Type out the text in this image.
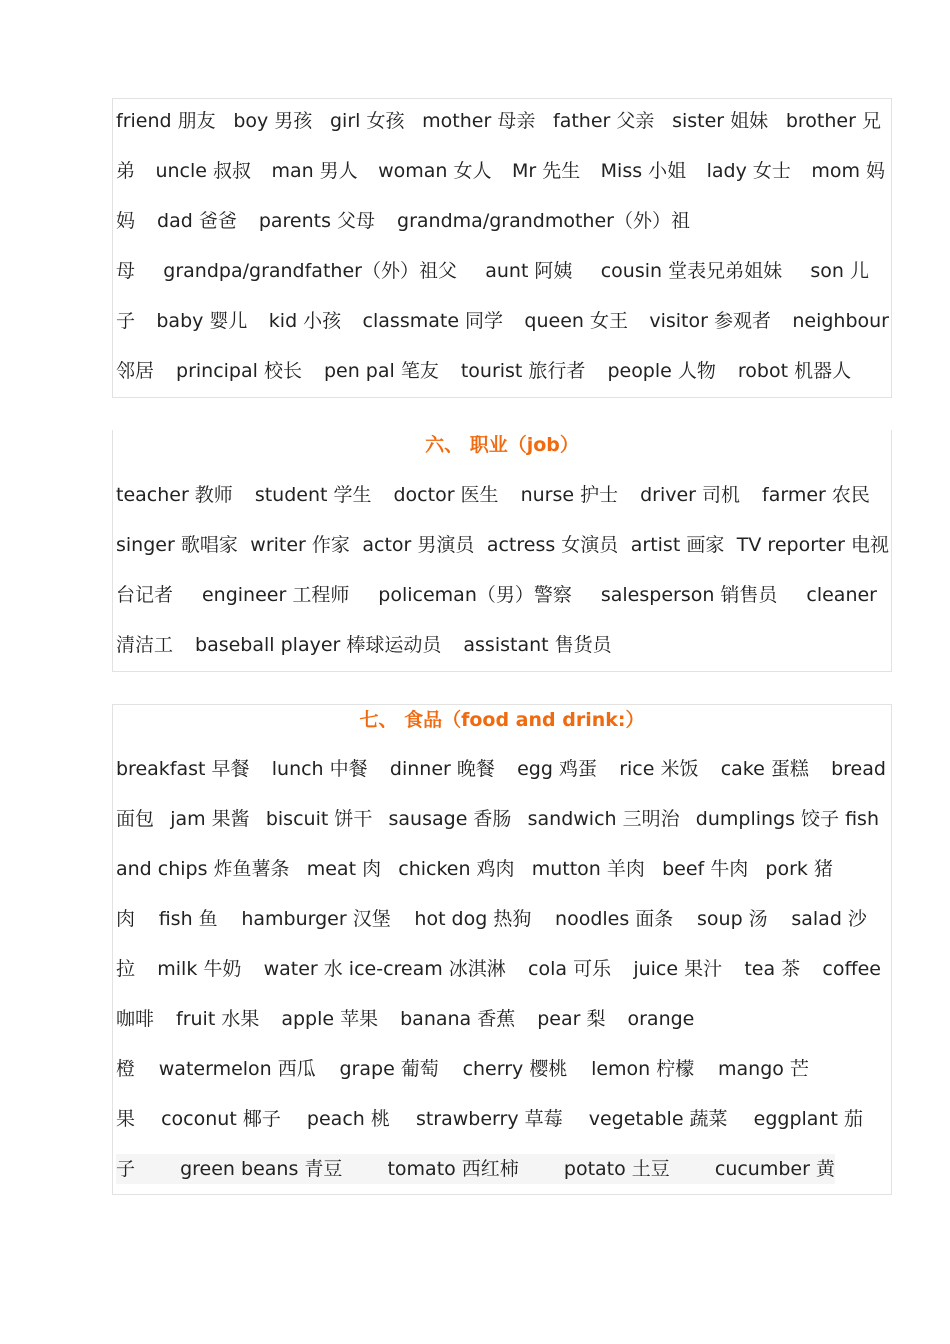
friend 朋友 boy 男孩 girl 女孩 mother 母亲 father 父亲 sister 姐妹 brother 兄
弟 uncle 叔叔 man 男人 woman 女人 Mr 先生 Miss 小姐 lady 女士 mom 妈
妈 dad 爸爸 parents 父母 grandma/grandmother（外）祖
母 grandpa/grandfather（外）祖父 aunt 阿姨 cousin 堂表兄弟姐妹 son 儿
子 baby 婴儿 kid 小孩 classmate 同学 queen 女王 visitor 参观者 neighbour
邻居 principal 校长 pen pal 笔友 tourist 旅行者 people 人物 robot 机器人
六、 职业（job）
teacher 教师 student 学生 doctor 医生 nurse 护士 driver 司机 farmer 农民
singer 歌唱家 writer 作家 actor 男演员 actress 女演员 artist 画家 TV reporter 电视
台记者 engineer 工程师 policeman（男）警察 salesperson 销售员 cleaner
清洁工 baseball player 棒球运动员 assistant 售货员
七、 食品（food and drink:）
breakfast 早餐 lunch 中餐 dinner 晚餐 egg 鸡蛋 rice 米饭 cake 蛋糕 bread
面包 jam 果酱 biscuit 饼干 sausage 香肠 sandwich 三明治 dumplings 饺子 fish
and chips 炸鱼薯条 meat 肉 chicken 鸡肉 mutton 羊肉 beef 牛肉 pork 猪
肉 fish 鱼 hamburger 汉堡 hot dog 热狗 noodles 面条 soup 汤 salad 沙
拉 milk 牛奶 water 水 ice-cream 冰淇淋 cola 可乐 juice 果汁 tea 茶 coffee
咖啡 fruit 水果 apple 苹果 banana 香蕉 pear 梨 orange
橙 watermelon 西瓜 grape 葡萄 cherry 樱桃 lemon 柠檬 mango 芒
果 coconut 椰子 peach 桃 strawberry 草莓 vegetable 蔬菜 eggplant 茄
子 green beans 青豆 tomato 西红柿 potato 土豆 cucumber 黄
